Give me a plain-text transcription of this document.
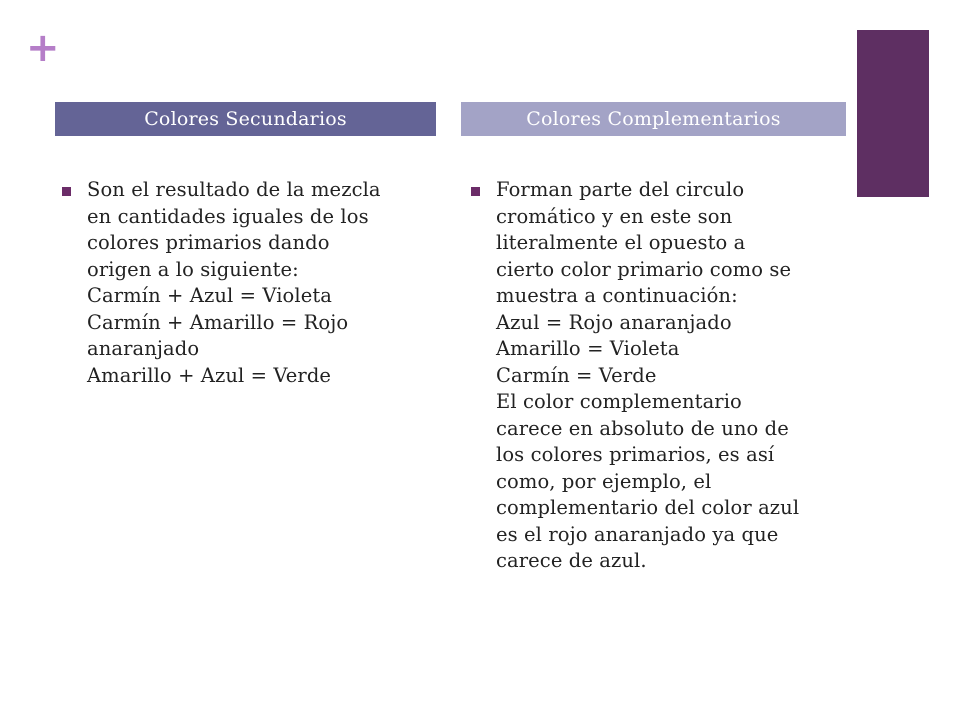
+
Colores Secundarios	Colores Complementarios
Son el resultado de la mezcla
en cantidades iguales de los
colores primarios dando
origen a lo siguiente:
Carmín + Azul = Violeta
Carmín + Amarillo = Rojo
anaranjado
Amarillo + Azul = Verde
Forman parte del circulo
cromático y en este son
literalmente el opuesto a
cierto color primario como se
muestra a continuación:
Azul = Rojo anaranjado
Amarillo = Violeta
Carmín = Verde
El color complementario
carece en absoluto de uno de
los colores primarios, es así
como, por ejemplo, el
complementario del color azul
es el rojo anaranjado ya que
carece de azul.
